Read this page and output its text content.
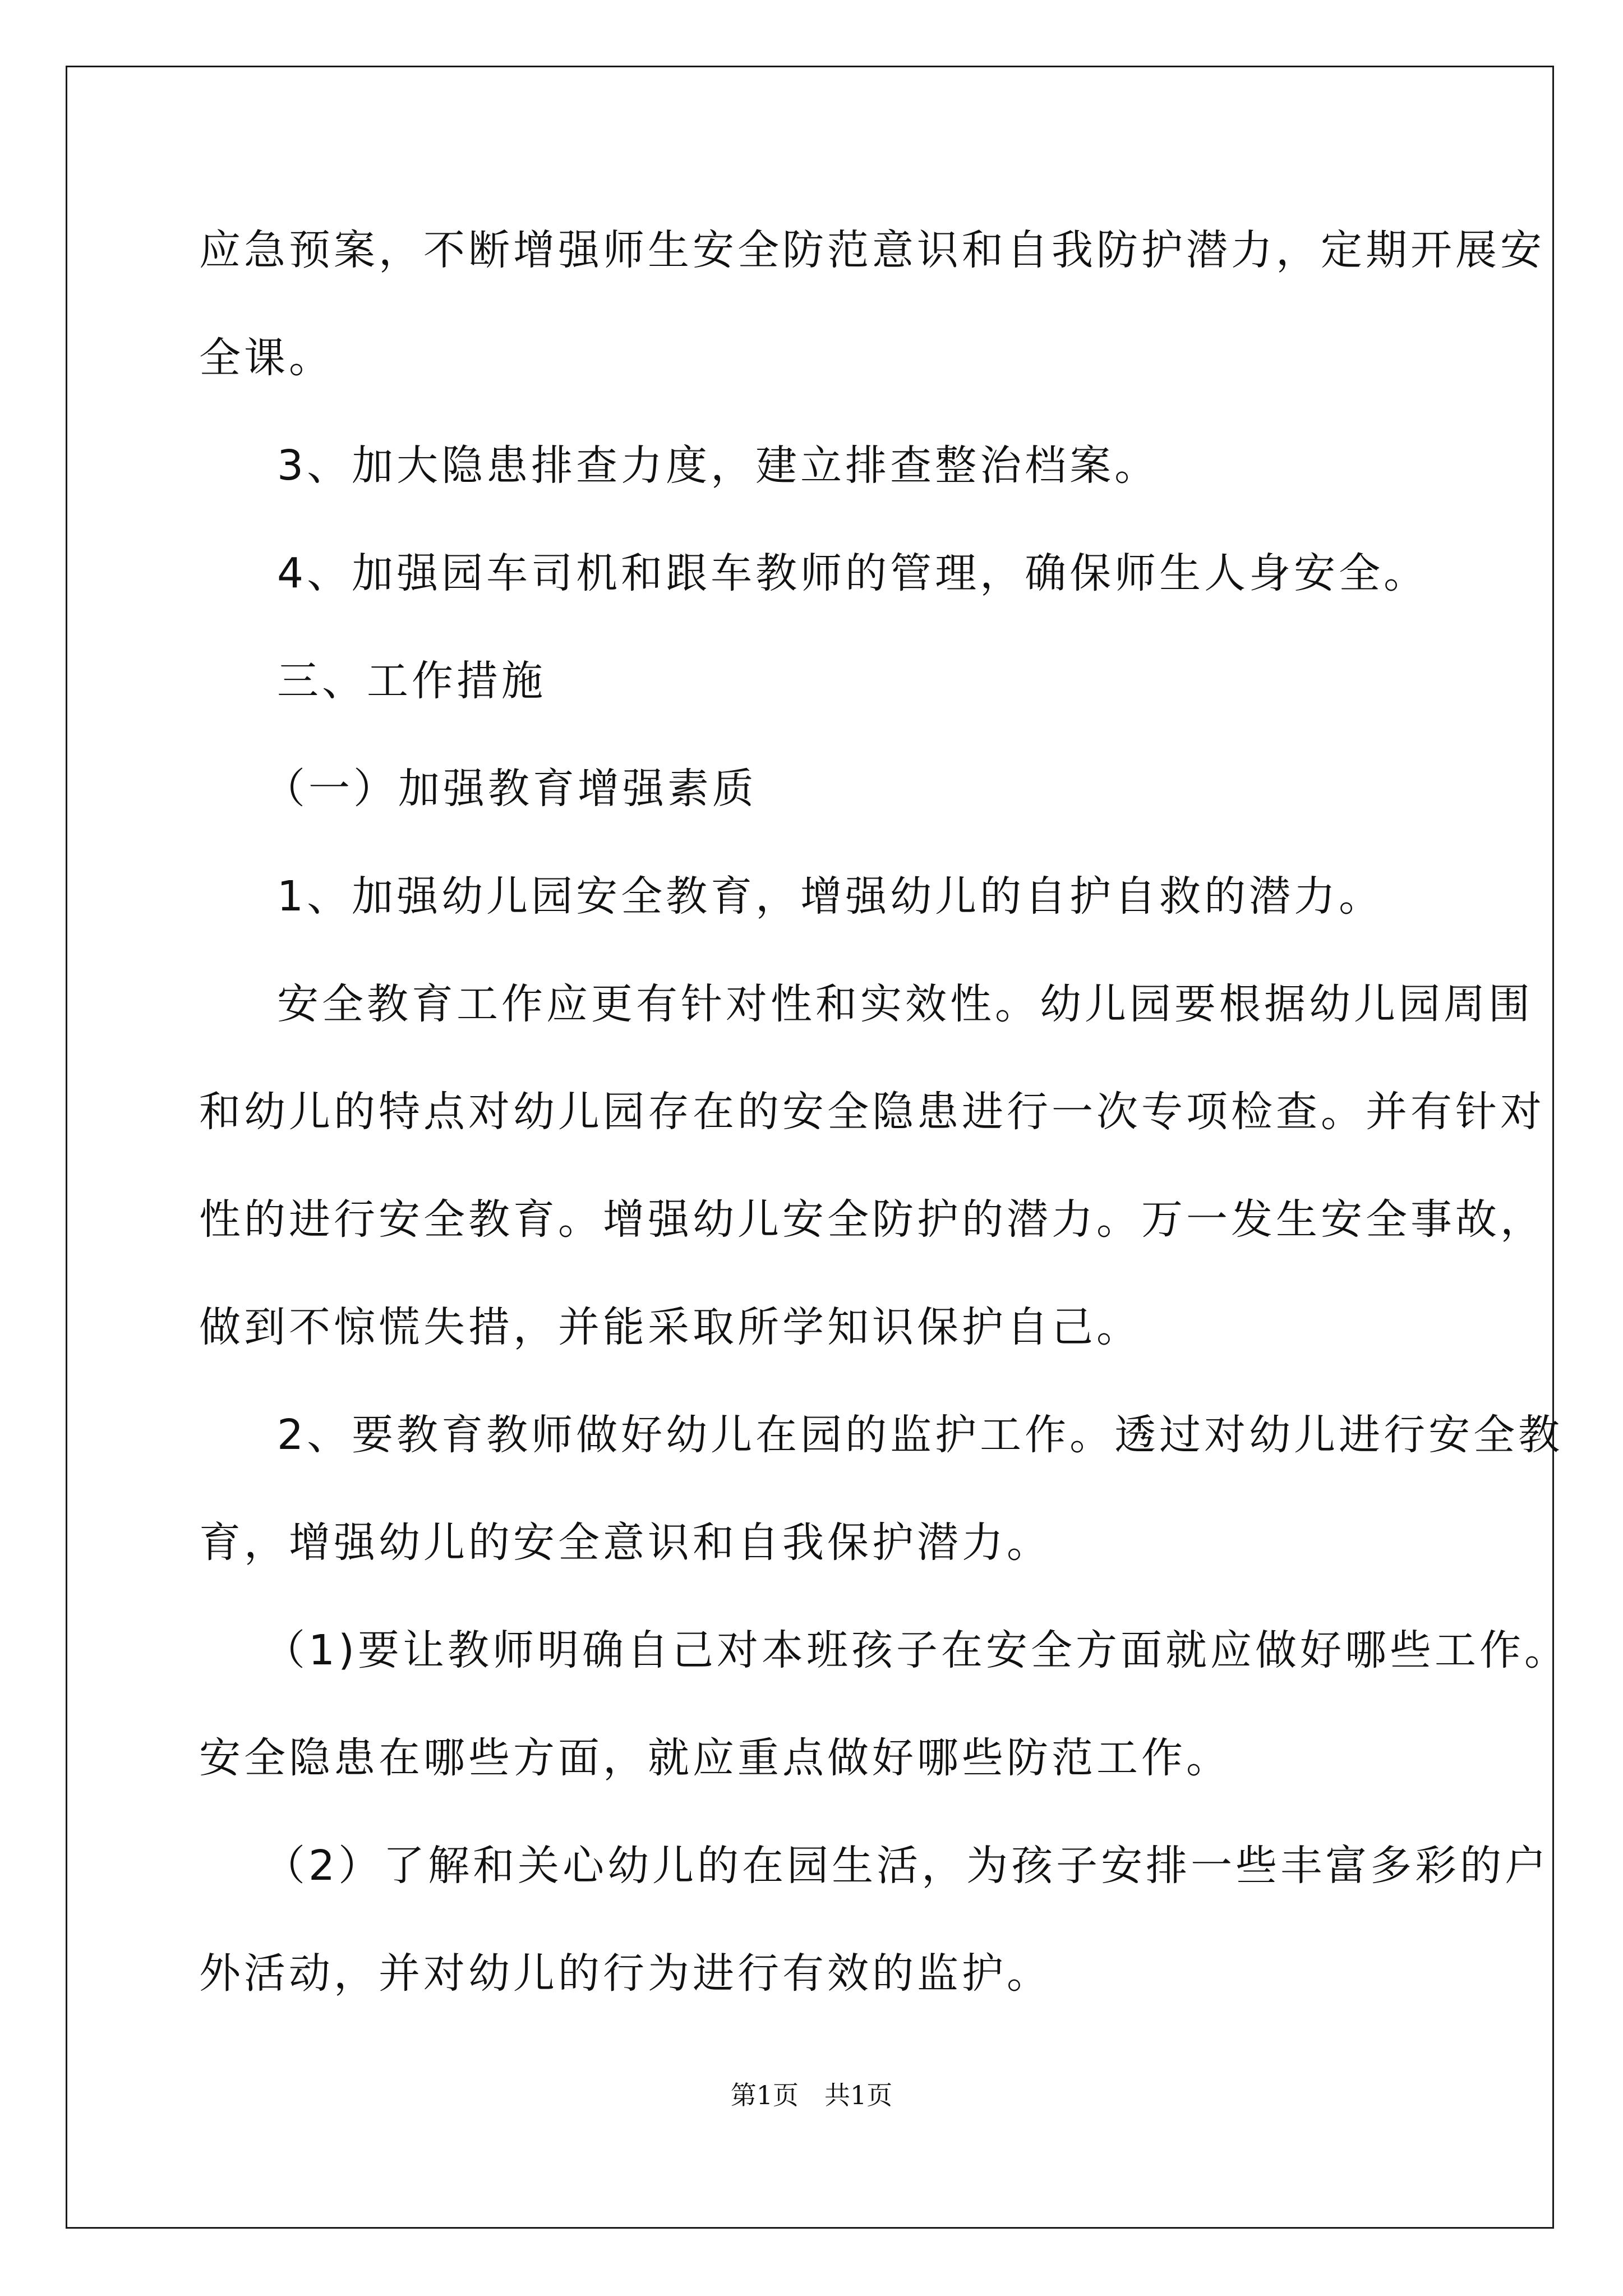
应急预案，不断增强师生安全防范意识和自我防护潜力，定期开展安
全课。
3、加大隐患排查力度，建立排查整治档案。
4、加强园车司机和跟车教师的管理，确保师生人身安全。
三、工作措施
（一）加强教育增强素质
1、加强幼儿园安全教育，增强幼儿的自护自救的潜力。
安全教育工作应更有针对性和实效性。幼儿园要根据幼儿园周围
和幼儿的特点对幼儿园存在的安全隐患进行一次专项检查。并有针对
性的进行安全教育。增强幼儿安全防护的潜力。万一发生安全事故，
做到不惊慌失措，并能采取所学知识保护自己。
2、要教育教师做好幼儿在园的监护工作。透过对幼儿进行安全教
育，增强幼儿的安全意识和自我保护潜力。
（1)要让教师明确自己对本班孩子在安全方面就应做好哪些工作。
安全隐患在哪些方面，就应重点做好哪些防范工作。
（2）了解和关心幼儿的在园生活，为孩子安排一些丰富多彩的户
外活动，并对幼儿的行为进行有效的监护。
第1页　共1页
